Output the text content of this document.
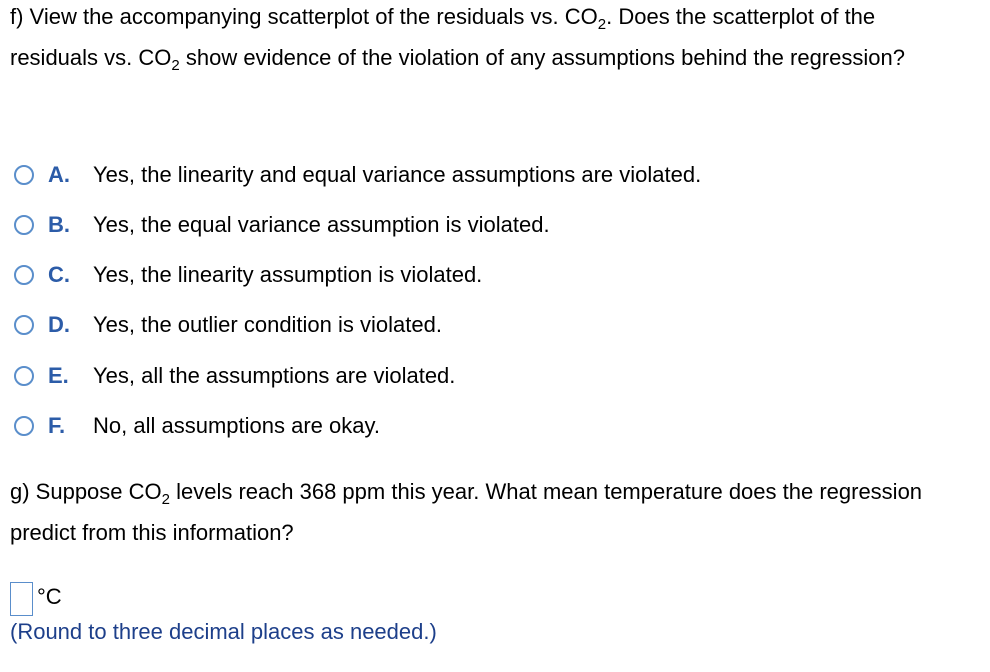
f) View the accompanying scatterplot of the residuals vs. $CO_2$. Does the scatterplot of the residuals vs. $CO_2$ show evidence of the violation of any assumptions behind the regression?
A.	Yes, the linearity and equal variance assumptions are violated.
B.	Yes, the equal variance assumption is violated.
C.	Yes, the linearity assumption is violated.
D.	Yes, the outlier condition is violated.
E.	Yes, all the assumptions are violated.
F.	No, all assumptions are okay.
g) Suppose $CO_2$ levels reach 368 ppm this year. What mean temperature does the regression predict from this information?
°C
(Round to three decimal places as needed.)
